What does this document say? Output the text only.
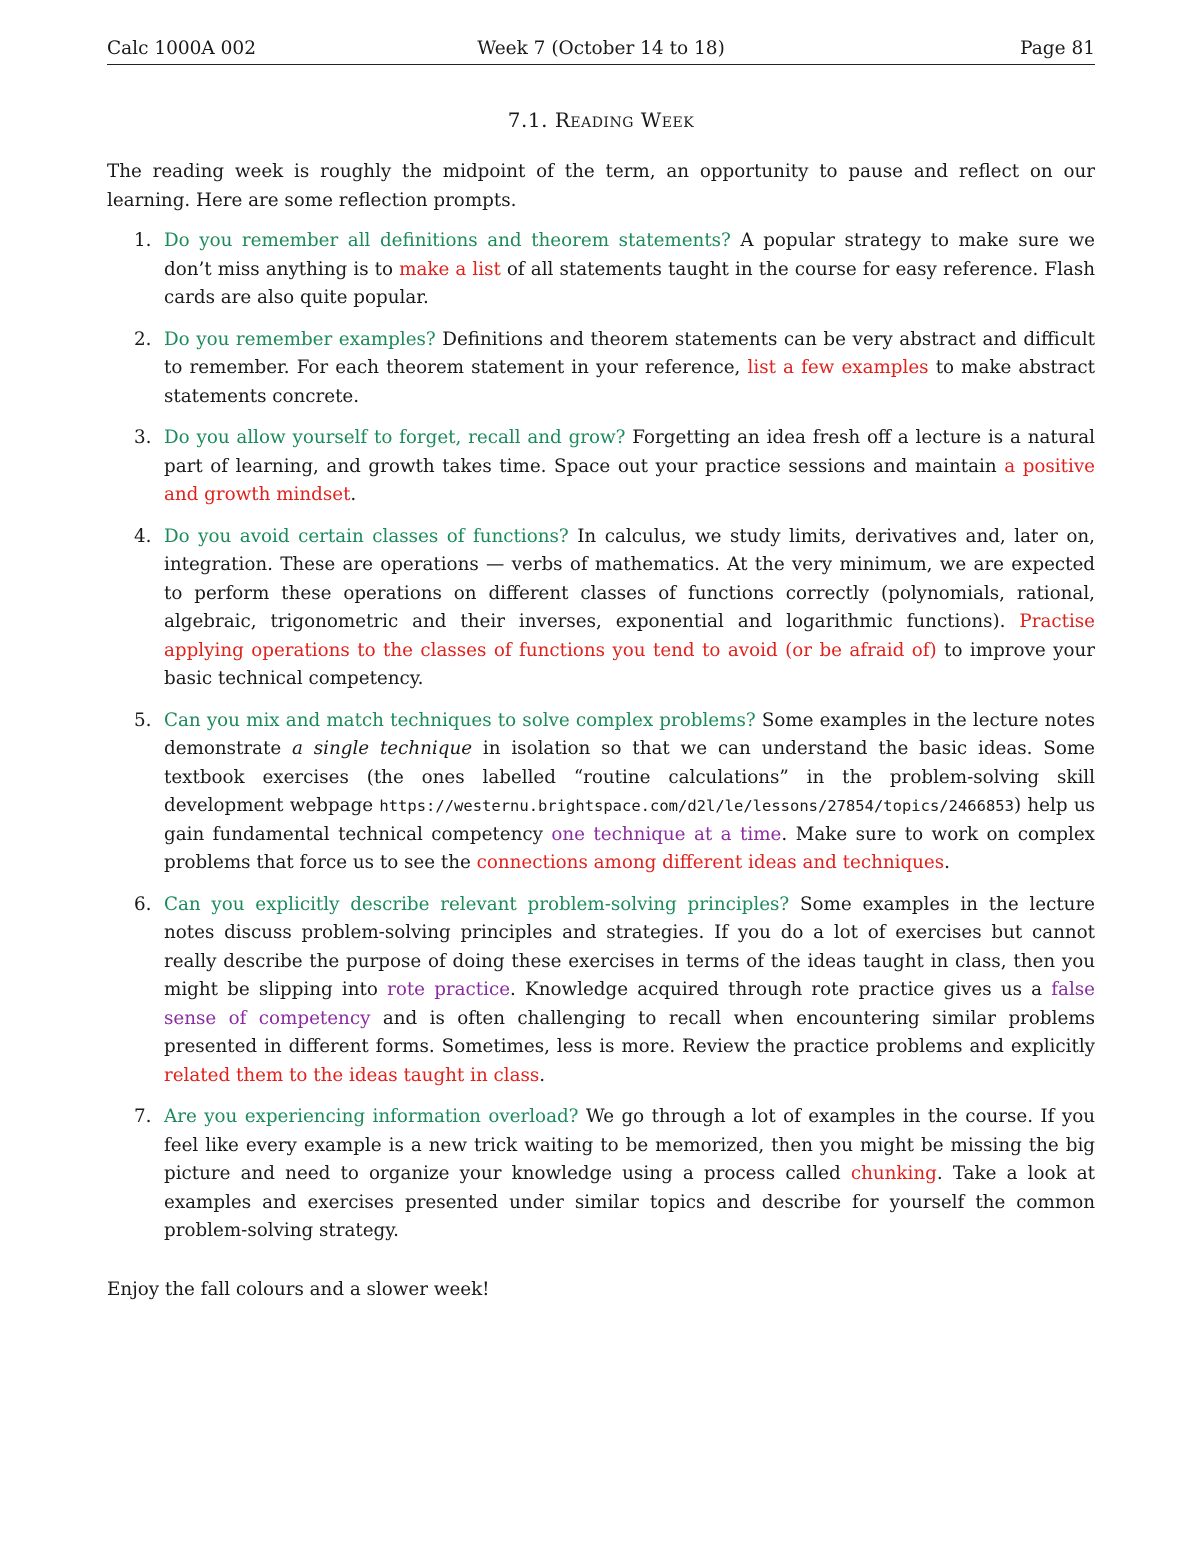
Calc 1000A 002	Week 7 (October 14 to 18)	Page 81
7.1. Reading Week

The reading week is roughly the midpoint of the term, an opportunity to pause and reflect on our learning. Here are some reflection prompts.

1. Do you remember all definitions and theorem statements? A popular strategy to make sure we don’t miss anything is to make a list of all statements taught in the course for easy reference. Flash cards are also quite popular.
2. Do you remember examples? Definitions and theorem statements can be very abstract and difficult to remember. For each theorem statement in your reference, list a few examples to make abstract statements concrete.
3. Do you allow yourself to forget, recall and grow? Forgetting an idea fresh off a lecture is a natural part of learning, and growth takes time. Space out your practice sessions and maintain a positive and growth mindset.
4. Do you avoid certain classes of functions? In calculus, we study limits, derivatives and, later on, integration. These are operations — verbs of mathematics. At the very minimum, we are expected to perform these operations on different classes of functions correctly (polynomials, rational, algebraic, trigonometric and their inverses, exponential and logarithmic functions). Practise applying operations to the classes of functions you tend to avoid (or be afraid of) to improve your basic technical competency.
5. Can you mix and match techniques to solve complex problems? Some examples in the lecture notes demonstrate a single technique in isolation so that we can understand the basic ideas. Some textbook exercises (the ones labelled “routine calculations” in the problem-solving skill development webpage https://westernu.brightspace.com/d2l/le/lessons/27854/topics/2466853) help us gain fundamental technical competency one technique at a time. Make sure to work on complex problems that force us to see the connections among different ideas and techniques.
6. Can you explicitly describe relevant problem-solving principles? Some examples in the lecture notes discuss problem-solving principles and strategies. If you do a lot of exercises but cannot really describe the purpose of doing these exercises in terms of the ideas taught in class, then you might be slipping into rote practice. Knowledge acquired through rote practice gives us a false sense of competency and is often challenging to recall when encountering similar problems presented in different forms. Sometimes, less is more. Review the practice problems and explicitly related them to the ideas taught in class.
7. Are you experiencing information overload? We go through a lot of examples in the course. If you feel like every example is a new trick waiting to be memorized, then you might be missing the big picture and need to organize your knowledge using a process called chunking. Take a look at examples and exercises presented under similar topics and describe for yourself the common problem-solving strategy.

Enjoy the fall colours and a slower week!
